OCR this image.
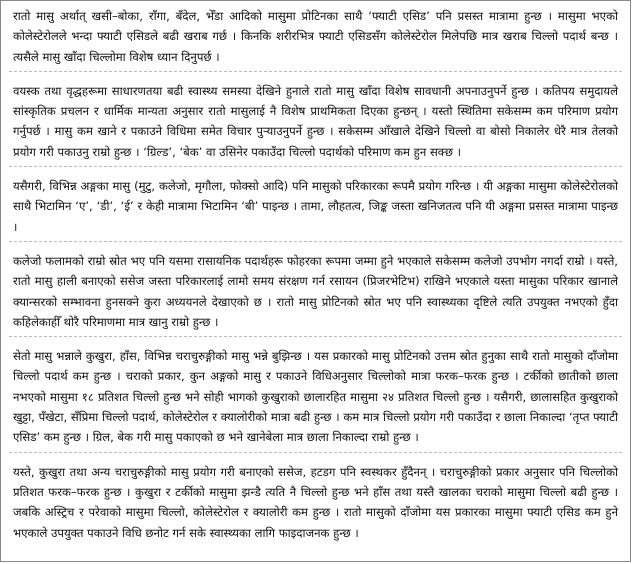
रातो मासु अर्थात् खसी–बोका, राँगा, बँदेल, भेँडा आदिको मासुमा प्रोटिनका साथै ‘फ्याटी एसिड’ पनि प्रसस्त मात्रामा हुन्छ । मासुमा भएको कोलेस्टेरोलले भन्दा फ्याटी एसिडले बढी खराब गर्छ । किनकि शरीरभित्र फ्याटी एसिडसँग कोलेस्टेरोल मिलेपछि मात्र खराब चिल्लो पदार्थ बन्छ । त्यसैले मासु खाँदा चिल्लोमा विशेष ध्यान दिनुपर्छ ।

वयस्क तथा वृद्धहरूमा साधारणतया बढी स्वास्थ्य समस्या देखिने हुनाले रातो मासु खाँदा विशेष सावधानी अपनाउनुपर्ने हुन्छ । कतिपय समुदायले सांस्कृतिक प्रचलन र धार्मिक मान्यता अनुसार रातो मासुलाई नै विशेष प्राथमिकता दिएका हुन्छन् । यस्तो स्थितिमा सकेसम्म कम परिमाण प्रयोग गर्नुपर्छ । मासु कम खाने र पकाउने विधिमा समेत विचार पुर्‍याउनुपर्ने हुन्छ । सकेसम्म आँखाले देखिने चिल्लो वा बोसो निकालेर धेरै मात्र तेलको प्रयोग गरी पकाउनु राम्रो हुन्छ । ‘ग्रिल्ड’, ‘बेक’ वा उसिनेर पकाउँदा चिल्लो पदार्थको परिमाण कम हुन सक्छ ।

यसैगरी, विभिन्न अङ्गका मासु (मुटु, कलेजो, मृगौला, फोक्सो आदि) पनि मासुको परिकारका रूपमै प्रयोग गरिन्छ । यी अङ्गका मासुमा कोलेस्टेरोलको साथै भिटामिन ‘ए’, ‘डी’, ‘ई’ र केही मात्रामा भिटामिन ‘बी’ पाइन्छ । तामा, लौहतत्व, जिङ्क जस्ता खनिजतत्व पनि यी अङ्गमा प्रसस्त मात्रामा पाइन्छ ।

कलेजो फलामको राम्रो स्रोत भए पनि यसमा रासायनिक पदार्थहरू फोहरका रूपमा जम्मा हुने भएकाले सकेसम्म कलेजो उपभोग नगर्दा राम्रो । यस्ते, रातो मासु हाली बनाएको ससेज जस्ता परिकारलाई लामो समय संरक्षण गर्न रसायन (प्रिजरभेटिभ) राखिने भएकाले यस्ता मासुका परिकार खानाले क्यान्सरको सम्भावना हुनसक्ने कुरा अध्ययनले देखाएको छ । रातो मासु प्रोटिनको स्रोत भए पनि स्वास्थ्यका दृष्टिले त्यति उपयुक्त नभएको हुँदा कहिलेकाहीँ थोरै परिमाणमा मात्र खानु राम्रो हुन्छ ।

सेतो मासु भन्नाले कुखुरा, हाँस, विभिन्न चराचुरुङ्गीको मासु भन्ने बुझिन्छ । यस प्रकारको मासु प्रोटिनको उत्तम स्रोत हुनुका साथै रातो मासुको दाँजोमा चिल्लो पदार्थ कम हुन्छ । चराको प्रकार, कुन अङ्गको मासु र पकाउने विधिअनुसार चिल्लोको मात्रा फरक–फरक हुन्छ । टर्कीको छातीको छाला नभएको मासुमा १८ प्रतिशत चिल्लो हुन्छ भने सोही भागको कुखुराको छालारहित मासुमा २४ प्रतिशत चिल्लो हुन्छ । यसैगरी, छालासहित कुखुराको खुट्टा, पँखेटा, सँप्रिमा चिल्लो पदार्थ, कोलेस्टेरोल र क्यालोरीको मात्रा बढी हुन्छ । कम मात्र चिल्लो प्रयोग गरी पकाउँदा र छाला निकाल्दा ‘तृप्त फ्याटी एसिड’ कम हुन्छ । ग्रिल, बेक गरी मासु पकाएको छ भने खानेबेला मात्र छाला निकाल्दा राम्रो हुन्छ ।

यस्ते, कुखुरा तथा अन्य चराचुरुङ्गीको मासु प्रयोग गरी बनाएको ससेज, हटडग पनि स्वस्थकर हुँदैनन् । चराचुरुङ्गीको प्रकार अनुसार पनि चिल्लोको प्रतिशत फरक–फरक हुन्छ । कुखुरा र टर्कीको मासुमा झन्डै त्यति नै चिल्लो हुन्छ भने हाँस तथा यस्तै खालका चराको मासुमा चिल्लो बढी हुन्छ । जबकि अस्ट्रिच र परेवाको मासुमा चिल्लो, कोलेस्टेरोल र क्यालोरी कम हुन्छ । रातो मासुको दाँजोमा यस प्रकारका मासुमा फ्याटी एसिड कम हुने भएकाले उपयुक्त पकाउने विधि छनोट गर्न सके स्वास्थ्यका लागि फाइदाजनक हुन्छ ।
